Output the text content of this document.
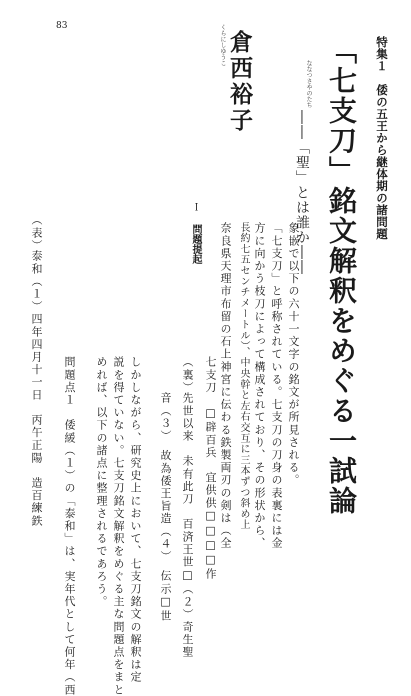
83

特集１　倭の五王から継体期の諸問題

「七支刀」銘文解釈をめぐる一試論

――「聖」とは誰か――

倉西裕子	ななつさやのたち
くらにしゆうこ

Ｉ

問題提起 奈良県天理市布留の石上神宮に伝わる鉄製両刃の剣は（全 長約七五センチメートル）、中央幹と左右交互に三本ずつ斜め上 方に向かう枝刀によって構成されており、その形状から、 「七支刀」と呼称されている。七支刀の刀身の表裏には金 象嵌で以下の六十一文字の銘文が所見される。

（表）

泰和（１）四年四月十一日　丙午正陽　造百練鉄	七支刀　□辟百兵　宜供供□□□□作

（裏）

先世以来　未有此刀　百済王世□（２）奇生聖

音（３）　故為倭王旨造（４）　伝示□世

しかしながら、研究史上において、七支刀銘文の解釈は定

説を得ていない。七支刀銘文解釈をめぐる主な問題点をまと

めれば、以下の諸点に整理されるであろう。

問題点１　倭緩（１）の「泰和」は、実年代として何年（西
